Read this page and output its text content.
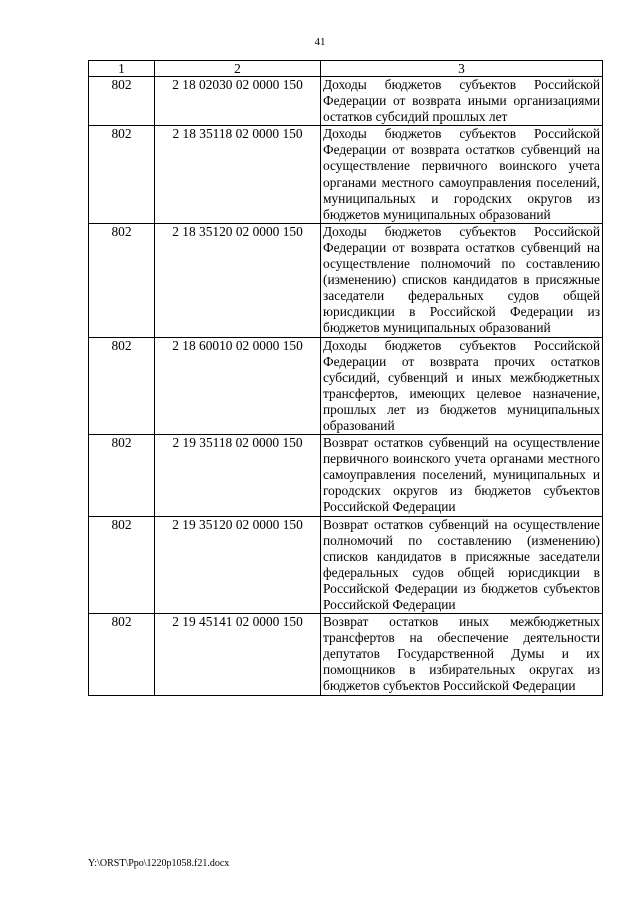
41
1	2	3
802	2 18 02030 02 0000 150	Доходы бюджетов субъектов Российской Федерации от возврата иными организациями остатков субсидий прошлых лет
802	2 18 35118 02 0000 150	Доходы бюджетов субъектов Российской Федерации от возврата остатков субвенций на осуществление первичного воинского учета органами местного самоуправления поселений, муниципальных и городских округов из бюджетов муниципальных образований
802	2 18 35120 02 0000 150	Доходы бюджетов субъектов Российской Федерации от возврата остатков субвенций на осуществление полномочий по составлению (изменению) списков кандидатов в присяжные заседатели федеральных судов общей юрисдикции в Российской Федерации из бюджетов муниципальных образований
802	2 18 60010 02 0000 150	Доходы бюджетов субъектов Российской Федерации от возврата прочих остатков субсидий, субвенций и иных межбюджетных трансфертов, имеющих целевое назначение, прошлых лет из бюджетов муниципальных образований
802	2 19 35118 02 0000 150	Возврат остатков субвенций на осуществление первичного воинского учета органами местного самоуправления поселений, муниципальных и городских округов из бюджетов субъектов Российской Федерации
802	2 19 35120 02 0000 150	Возврат остатков субвенций на осуществление полномочий по составлению (изменению) списков кандидатов в присяжные заседатели федеральных судов общей юрисдикции в Российской Федерации из бюджетов субъектов Российской Федерации
802	2 19 45141 02 0000 150	Возврат остатков иных межбюджетных трансфертов на обеспечение деятельности депутатов Государственной Думы и их помощников в избирательных округах из бюджетов субъектов Российской Федерации
Y:\ORST\Ppo\1220p1058.f21.docx
